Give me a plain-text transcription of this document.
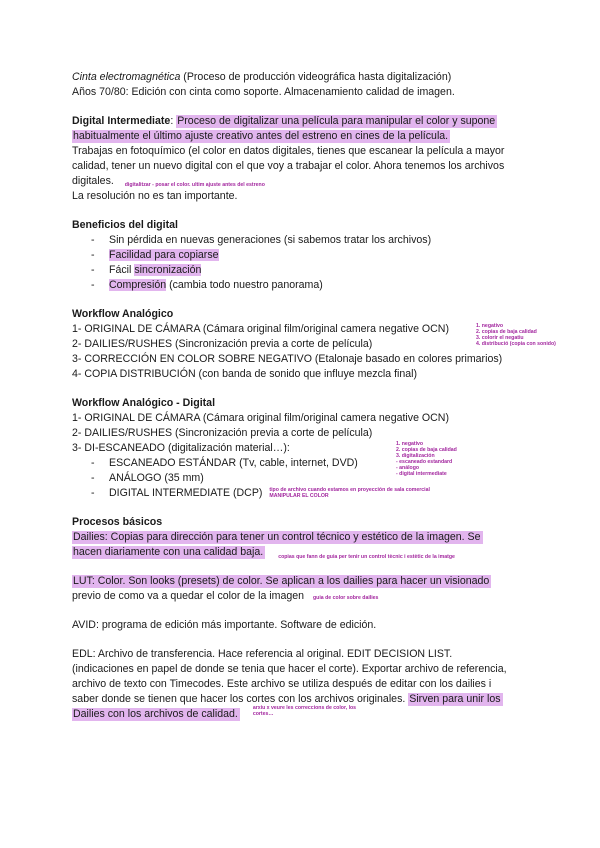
Cinta electromagnética (Proceso de producción videográfica hasta digitalización)
Años 70/80: Edición con cinta como soporte. Almacenamiento calidad de imagen.
Digital Intermediate: Proceso de digitalizar una película para manipular el color y supone
habitualmente el último ajuste creativo antes del estreno en cines de la película.
Trabajas en fotoquímico (el color en datos digitales, tienes que escanear la película a mayor
calidad, tener un nuevo digital con el que voy a trabajar el color. Ahora tenemos los archivos
digitales. digitalitzar - posar el color. ultim ajuste antes del estreno
La resolución no es tan importante.
Beneficios del digital
- Sin pérdida en nuevas generaciones (si sabemos tratar los archivos)
- Facilidad para copiarse
- Fácil sincronización
- Compresión (cambia todo nuestro panorama)
Workflow Analógico
1- ORIGINAL DE CÁMARA (Cámara original film/original camera negative OCN)
2- DAILIES/RUSHES (Sincronización previa a corte de película)
3- CORRECCIÓN EN COLOR SOBRE NEGATIVO (Etalonaje basado en colores primarios)
4- COPIA DISTRIBUCIÓN (con banda de sonido que influye mezcla final)
1. negativo
2. copias de baja calidad
3. colorir el negatiu
4. distribució (copia con sonido)
Workflow Analógico - Digital
1- ORIGINAL DE CÁMARA (Cámara original film/original camera negative OCN)
2- DAILIES/RUSHES (Sincronización previa a corte de película)
3- DI-ESCANEADO (digitalización material…):
- ESCANEADO ESTÁNDAR (Tv, cable, internet, DVD)
- ANÁLOGO (35 mm)
- DIGITAL INTERMEDIATE (DCP) tipo de archivo cuando estamos en proyección de sala comercial
MANIPULAR EL COLOR
1. negativo
2. copias de baja calidad
3. digitalización
- escaneado estandard
- análogo
- digital intermediate
Procesos básicos
Dailies: Copias para dirección para tener un control técnico y estético de la imagen. Se
hacen diariamente con una calidad baja.	$_{copias que fann de guia per tenir un control tècnic i estètic de la imatge}$
LUT: Color. Son looks (presets) de color. Se aplican a los dailies para hacer un visionado
previo de como va a quedar el color de la imagen guia de color sobre dailies
AVID: programa de edición más importante. Software de edición.
EDL: Archivo de transferencia. Hace referencia al original. EDIT DECISION LIST.
(indicaciones en papel de donde se tenia que hacer el corte). Exportar archivo de referencia,
archivo de texto con Timecodes. Este archivo se utiliza después de editar con los dailies i
saber donde se tienen que hacer los cortes con los archivos originales. Sirven para unir los
Dailies con los archivos de calidad.	arxiu x veure les correccions de color, los
cortes…
